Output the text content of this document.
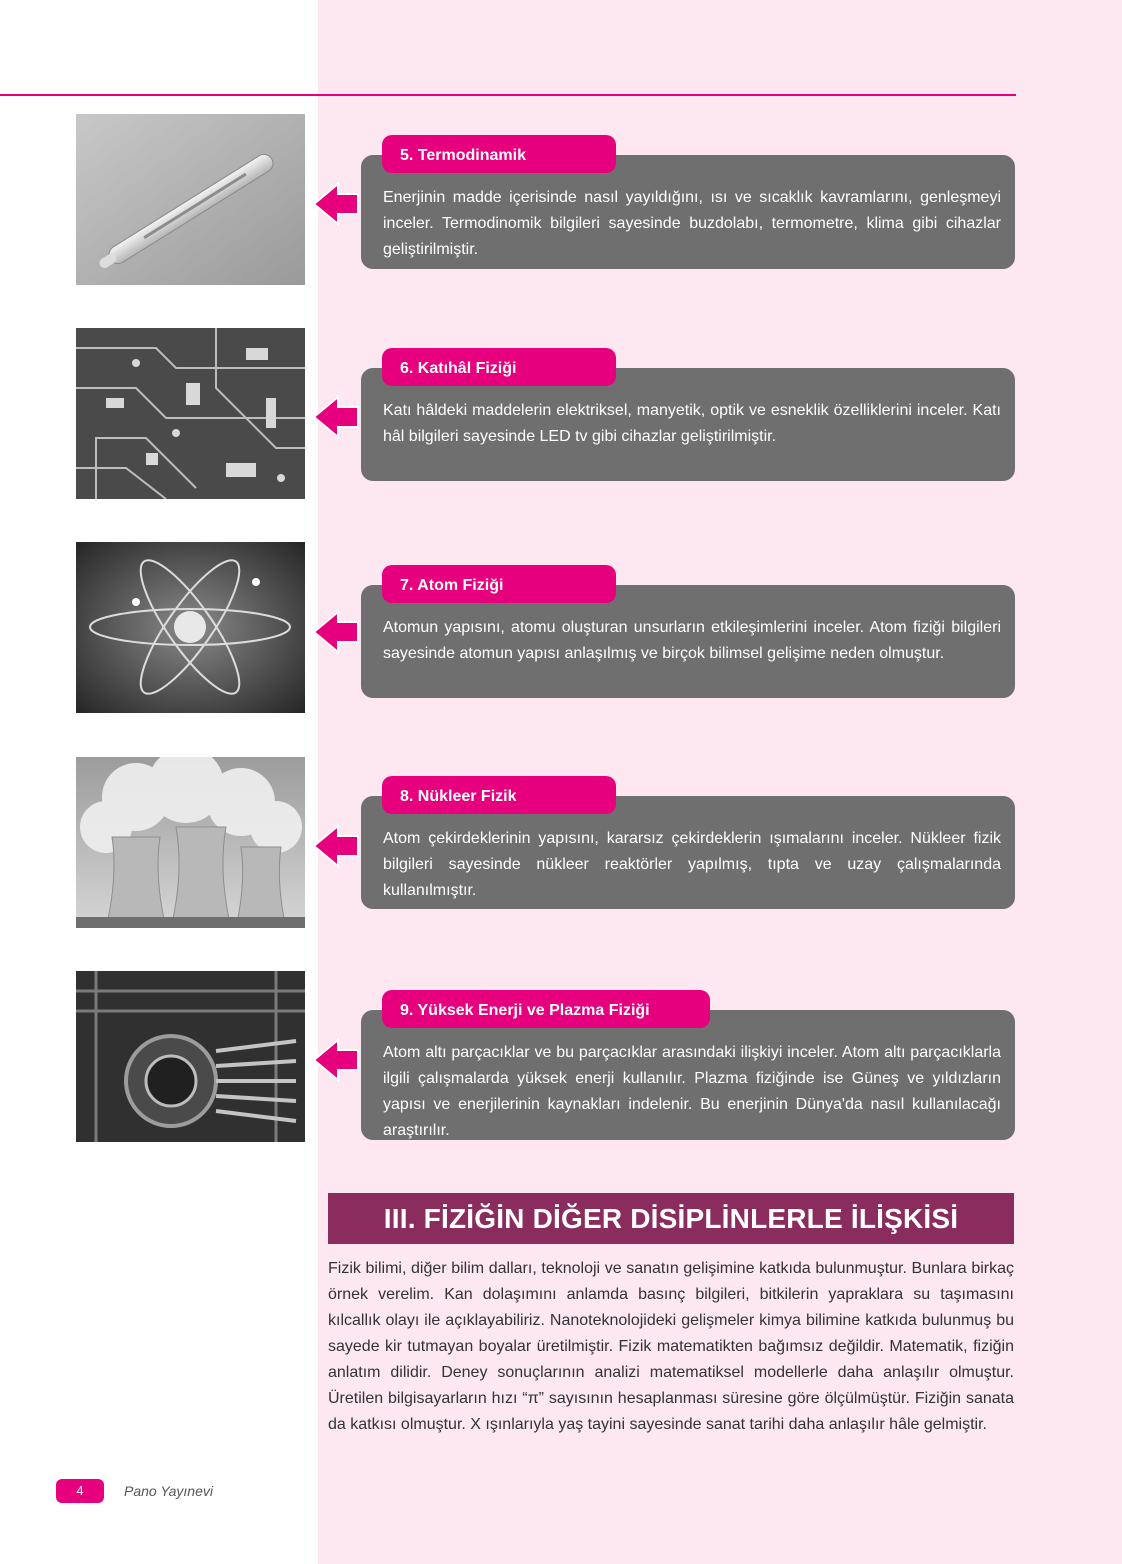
Enerjinin madde içerisinde nasıl yayıldığını, ısı ve sıcaklık kavramlarını, genleşmeyi inceler. Termodinomik bilgileri sayesinde buzdolabı, termometre, klima gibi cihazlar geliştirilmiştir.
5. Termodinamik
Katı hâldeki maddelerin elektriksel, manyetik, optik ve esneklik özelliklerini inceler. Katı hâl bilgileri sayesinde LED tv gibi cihazlar geliştirilmiştir.
6. Katıhâl Fiziği
Atomun yapısını, atomu oluşturan unsurların etkileşimlerini inceler. Atom fiziği bilgileri sayesinde atomun yapısı anlaşılmış ve birçok bilimsel gelişime neden olmuştur.
7. Atom Fiziği
Atom çekirdeklerinin yapısını, kararsız çekirdeklerin ışımalarını inceler. Nükleer fizik bilgileri sayesinde nükleer reaktörler yapılmış, tıpta ve uzay çalışmalarında kullanılmıştır.
8. Nükleer Fizik
Atom altı parçacıklar ve bu parçacıklar arasındaki ilişkiyi inceler. Atom altı parçacıklarla ilgili çalışmalarda yüksek enerji kullanılır. Plazma fiziğinde ise Güneş ve yıldızların yapısı ve enerjilerinin kaynakları indelenir. Bu enerjinin Dünya'da nasıl kullanılacağı araştırılır.
9. Yüksek Enerji ve Plazma Fiziği
III. FİZİĞİN DİĞER DİSİPLİNLERLE İLİŞKİSİ

Fizik bilimi, diğer bilim dalları, teknoloji ve sanatın gelişimine katkıda bulunmuştur. Bunlara birkaç örnek verelim. Kan dolaşımını anlamda basınç bilgileri, bitkilerin yapraklara su taşımasını kılcallık olayı ile açıklayabiliriz. Nanoteknolojideki gelişmeler kimya bilimine katkıda bulunmuş bu sayede kir tutmayan boyalar üretilmiştir. Fizik matematikten bağımsız değildir. Matematik, fiziğin anlatım dilidir. Deney sonuçlarının analizi matematiksel modellerle daha anlaşılır olmuştur. Üretilen bilgisayarların hızı “π” sayısının hesaplanması süresine göre ölçülmüştür. Fiziğin sanata da katkısı olmuştur. X ışınlarıyla yaş tayini sayesinde sanat tarihi daha anlaşılır hâle gelmiştir.

4	Pano Yayınevi
